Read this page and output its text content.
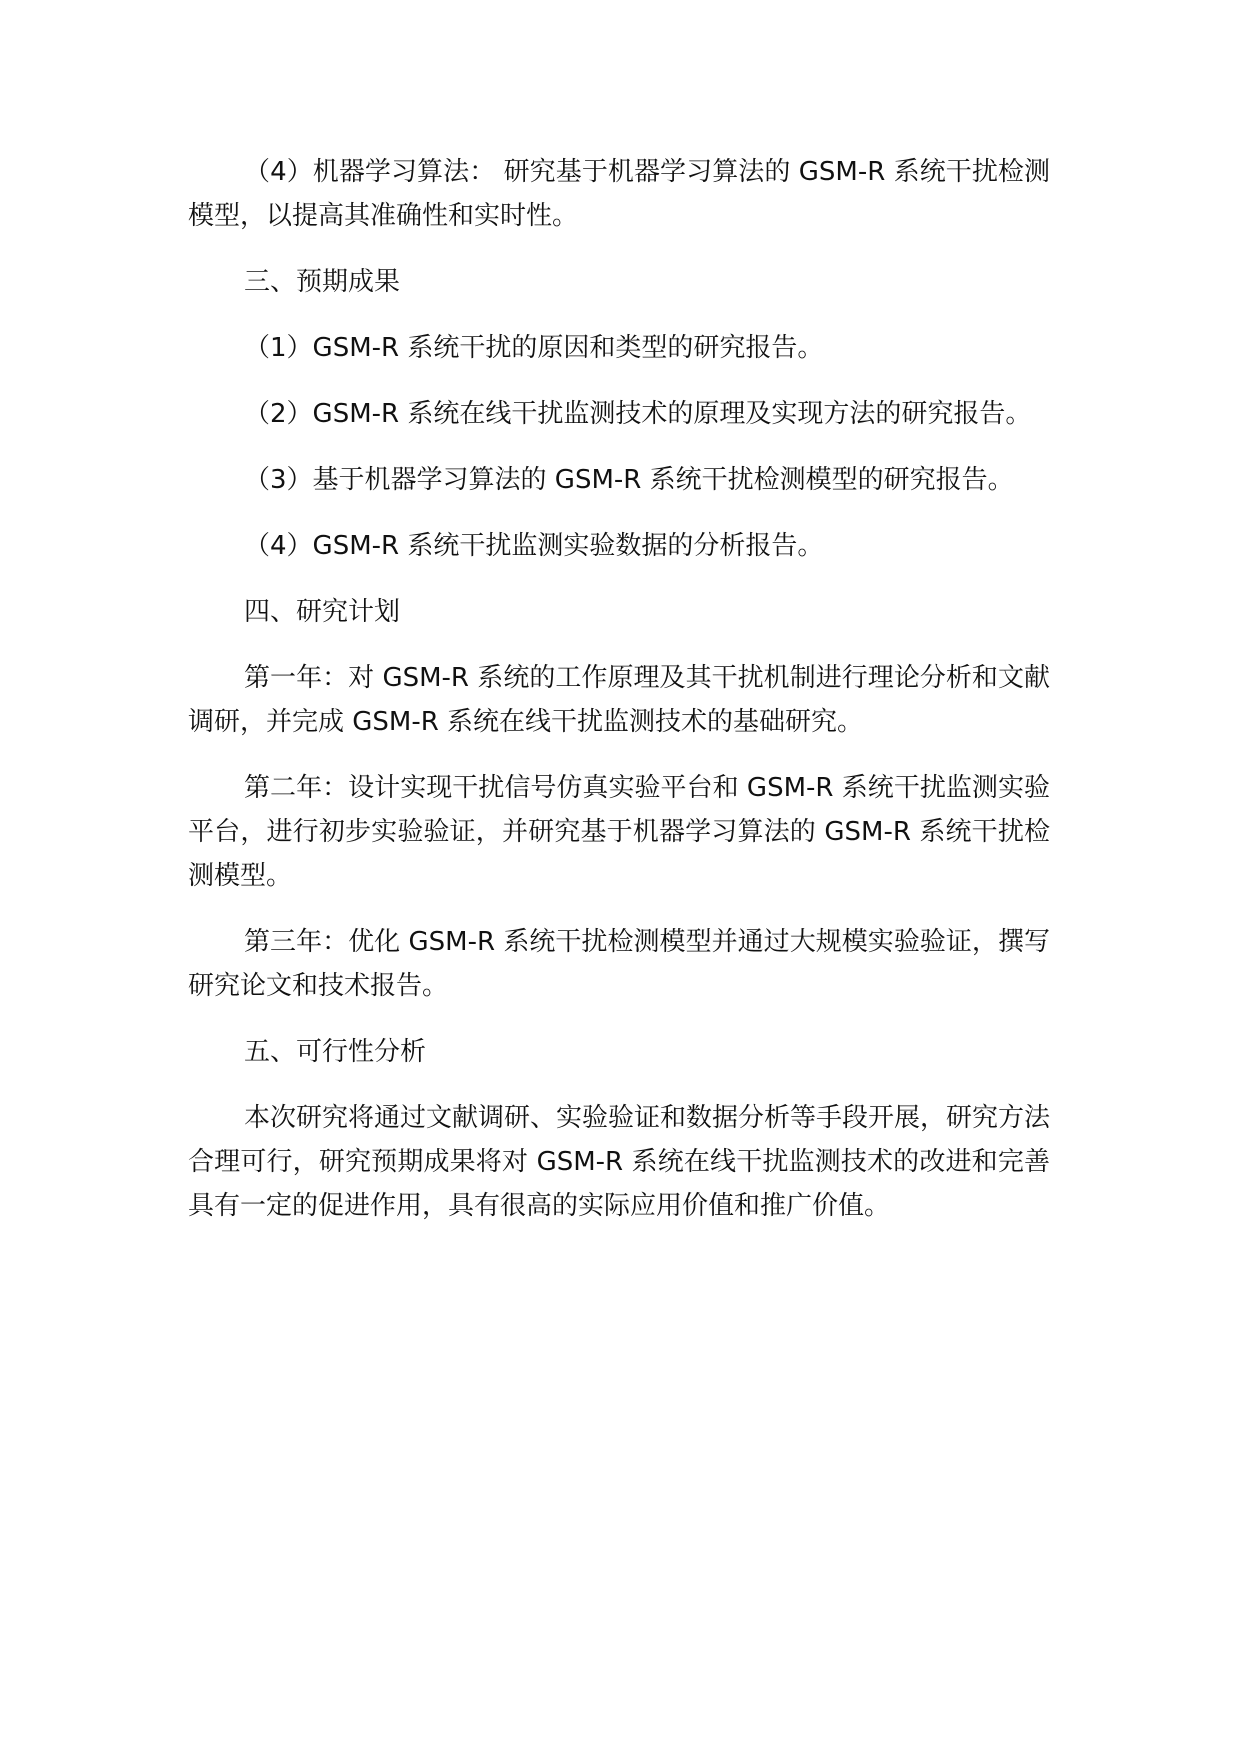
（4）机器学习算法： 研究基于机器学习算法的 GSM-R 系统干扰检测模型，以提高其准确性和实时性。

三、预期成果

（1）GSM-R 系统干扰的原因和类型的研究报告。

（2）GSM-R 系统在线干扰监测技术的原理及实现方法的研究报告。

（3）基于机器学习算法的 GSM-R 系统干扰检测模型的研究报告。

（4）GSM-R 系统干扰监测实验数据的分析报告。

四、研究计划

第一年：对 GSM-R 系统的工作原理及其干扰机制进行理论分析和文献调研，并完成 GSM-R 系统在线干扰监测技术的基础研究。

第二年：设计实现干扰信号仿真实验平台和 GSM-R 系统干扰监测实验平台，进行初步实验验证，并研究基于机器学习算法的 GSM-R 系统干扰检测模型。

第三年：优化 GSM-R 系统干扰检测模型并通过大规模实验验证，撰写研究论文和技术报告。

五、可行性分析

本次研究将通过文献调研、实验验证和数据分析等手段开展，研究方法合理可行，研究预期成果将对 GSM-R 系统在线干扰监测技术的改进和完善具有一定的促进作用，具有很高的实际应用价值和推广价值。
